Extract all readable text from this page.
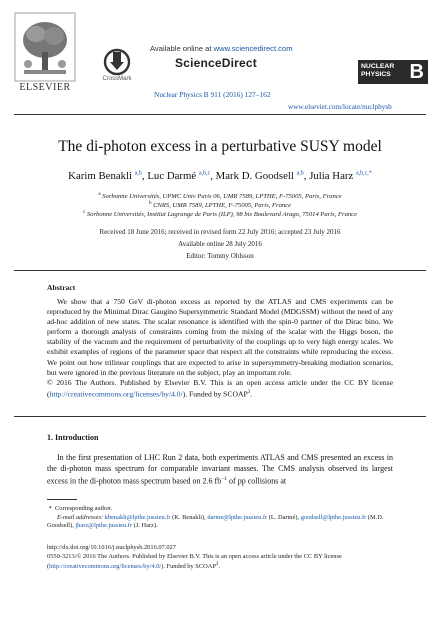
ELSEVIER
CrossMark
Available online at www.sciencedirect.com
ScienceDirect
Nuclear Physics B 911 (2016) 127–162
NUCLEAR
PHYSICS B
www.elsevier.com/locate/nuclphysb
The di-photon excess in a perturbative SUSY model
Karim Benakli $^{a,b}$, Luc Darmé $^{a,b,c}$, Mark D. Goodsell $^{a,b}$, Julia Harz $^{a,b,c,*}$
$^a$ Sorbonne Universités, UPMC Univ Paris 06, UMR 7589, LPTHE, F-75005, Paris, France
$^b$ CNRS, UMR 7589, LPTHE, F-75005, Paris, France
$^c$ Sorbonne Universités, Institut Lagrange de Paris (ILP), 98 bis Boulevard Arago, 75014 Paris, France
Received 18 June 2016; received in revised form 22 July 2016; accepted 23 July 2016
Available online 28 July 2016
Editor: Tommy Ohlsson
Abstract

We show that a 750 GeV di-photon excess as reported by the ATLAS and CMS experiments can be reproduced by the Minimal Dirac Gaugino Supersymmetric Standard Model (MDGSSM) without the need of any ad-hoc addition of new states. The scalar resonance is identified with the spin-0 partner of the Dirac bino. We perform a thorough analysis of constraints coming from the mixing of the scalar with the Higgs boson, the stability of the vacuum and the requirement of perturbativity of the couplings up to very high energy scales. We exhibit examples of regions of the parameter space that respect all the constraints while reproducing the excess. We point out how trilinear couplings that are expected to arise in supersymmetry-breaking mediation scenarios, but were ignored in the previous literature on the subject, play an important role.

© 2016 The Authors. Published by Elsevier B.V. This is an open access article under the CC BY license (http://creativecommons.org/licenses/by/4.0/). Funded by SCOAP$^3$.

1. Introduction
In the first presentation of LHC Run 2 data, both experiments ATLAS and CMS presented an excess in the di-photon mass spectrum for comparable invariant masses. The CMS analysis observed its largest excess in the di-photon mass spectrum based on 2.6 $fb^{-1}$ of pp collisions at
* Corresponding author.
E-mail addresses: kbenakli@lpthe.jussieu.fr (K. Benakli), darme@lpthe.jussieu.fr (L. Darmé), goodsell@lpthe.jussieu.fr (M.D. Goodsell), jharz@lpthe.jussieu.fr (J. Harz).
http://dx.doi.org/10.1016/j.nuclphysb.2016.07.027
0550-3213/© 2016 The Authors. Published by Elsevier B.V. This is an open access article under the CC BY license (http://creativecommons.org/licenses/by/4.0/). Funded by SCOAP$^3$.
